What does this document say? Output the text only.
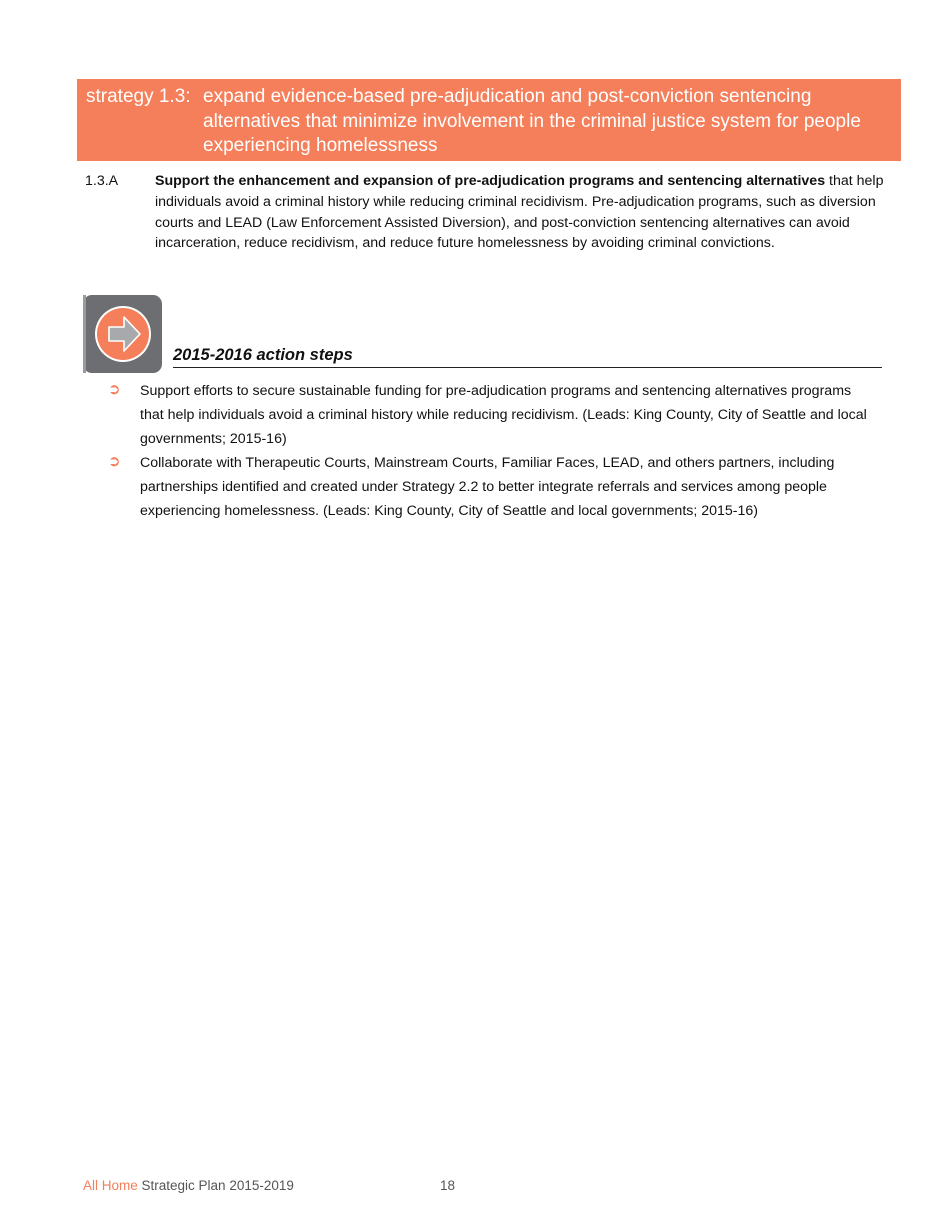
strategy 1.3: expand evidence-based pre-adjudication and post-conviction sentencing alternatives that minimize involvement in the criminal justice system for people experiencing homelessness
1.3.A	Support the enhancement and expansion of pre-adjudication programs and sentencing alternatives that help individuals avoid a criminal history while reducing criminal recidivism. Pre-adjudication programs, such as diversion courts and LEAD (Law Enforcement Assisted Diversion), and post-conviction sentencing alternatives can avoid incarceration, reduce recidivism, and reduce future homelessness by avoiding criminal convictions.
2015-2016 action steps
➲	Support efforts to secure sustainable funding for pre-adjudication programs and sentencing alternatives programs that help individuals avoid a criminal history while reducing recidivism. (Leads: King County, City of Seattle and local governments; 2015-16)
➲	Collaborate with Therapeutic Courts, Mainstream Courts, Familiar Faces, LEAD, and others partners, including partnerships identified and created under Strategy 2.2 to better integrate referrals and services among people experiencing homelessness. (Leads: King County, City of Seattle and local governments; 2015-16)
All Home Strategic Plan 2015-2019	18
